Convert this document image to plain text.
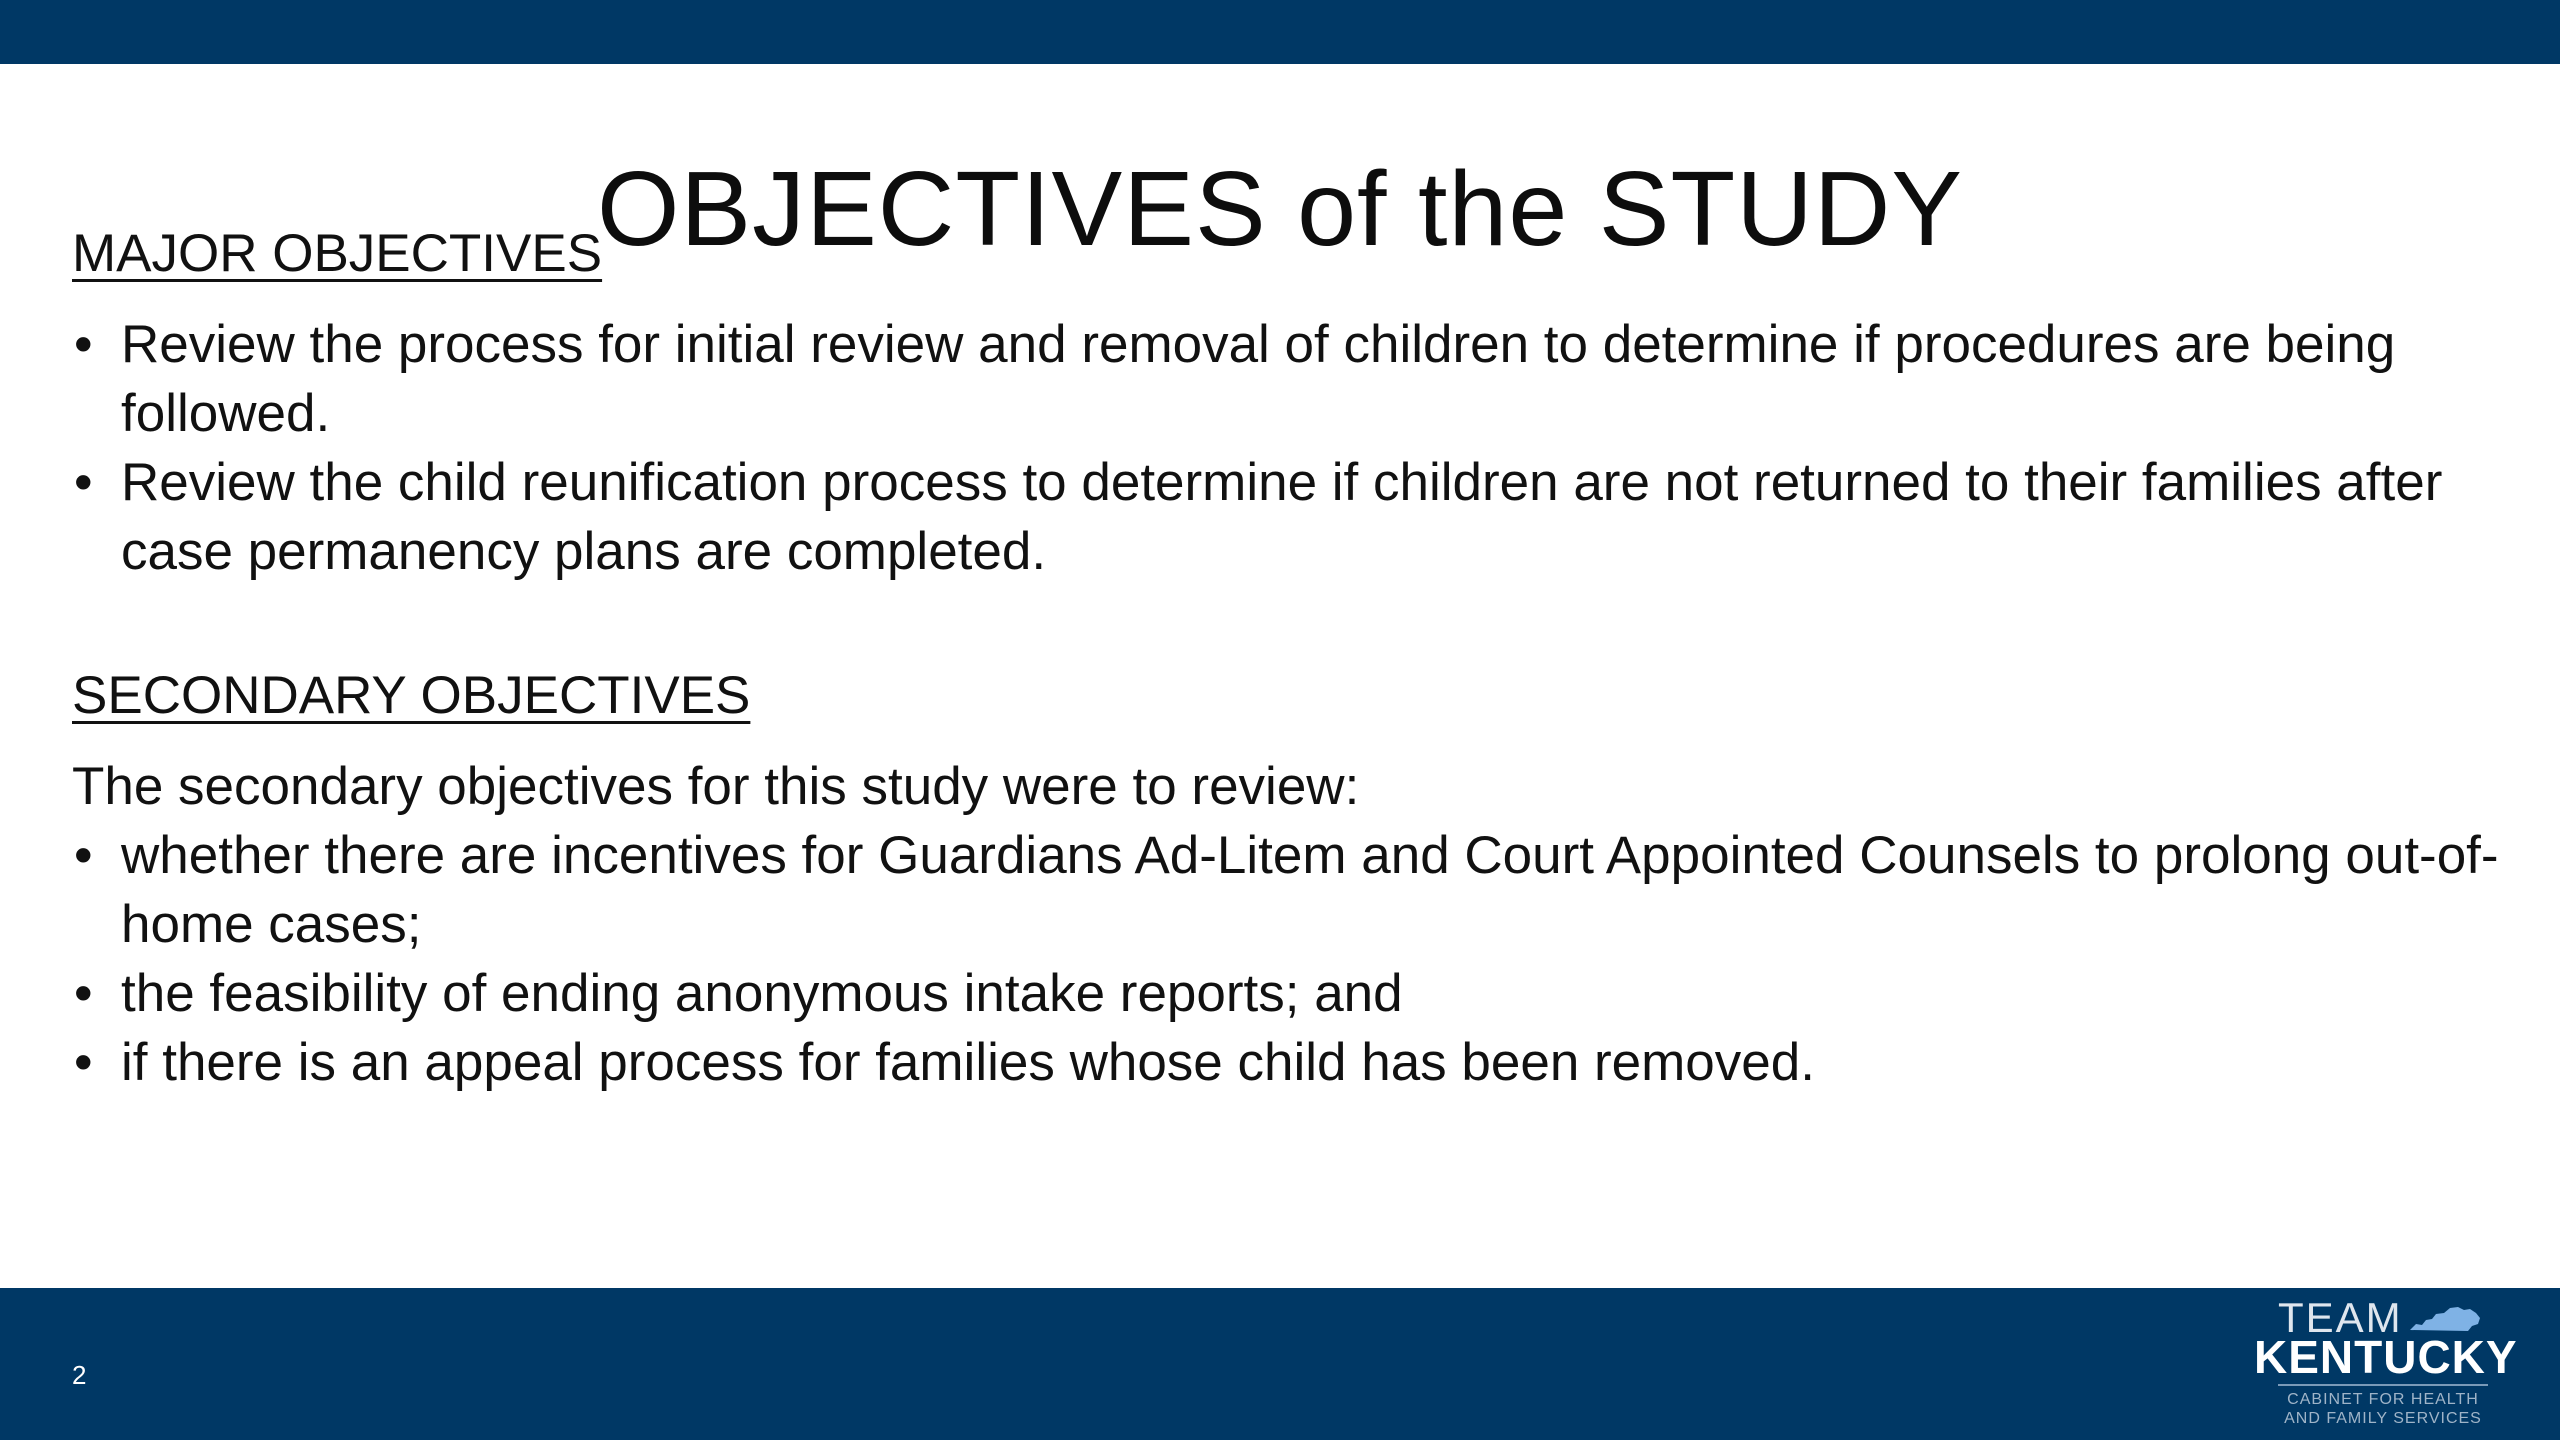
OBJECTIVES of the STUDY
MAJOR OBJECTIVES
• Review the process for initial review and removal of children to determine if procedures are being followed.
• Review the child reunification process to determine if children are not returned to their families after case permanency plans are completed.
SECONDARY OBJECTIVES

The secondary objectives for this study were to review:

• whether there are incentives for Guardians Ad-Litem and Court Appointed Counsels to prolong out-of-home cases;
• the feasibility of ending anonymous intake reports; and
• if there is an appeal process for families whose child has been removed.
2
TEAM
KENTUCKY
CABINET FOR HEALTH
AND FAMILY SERVICES
